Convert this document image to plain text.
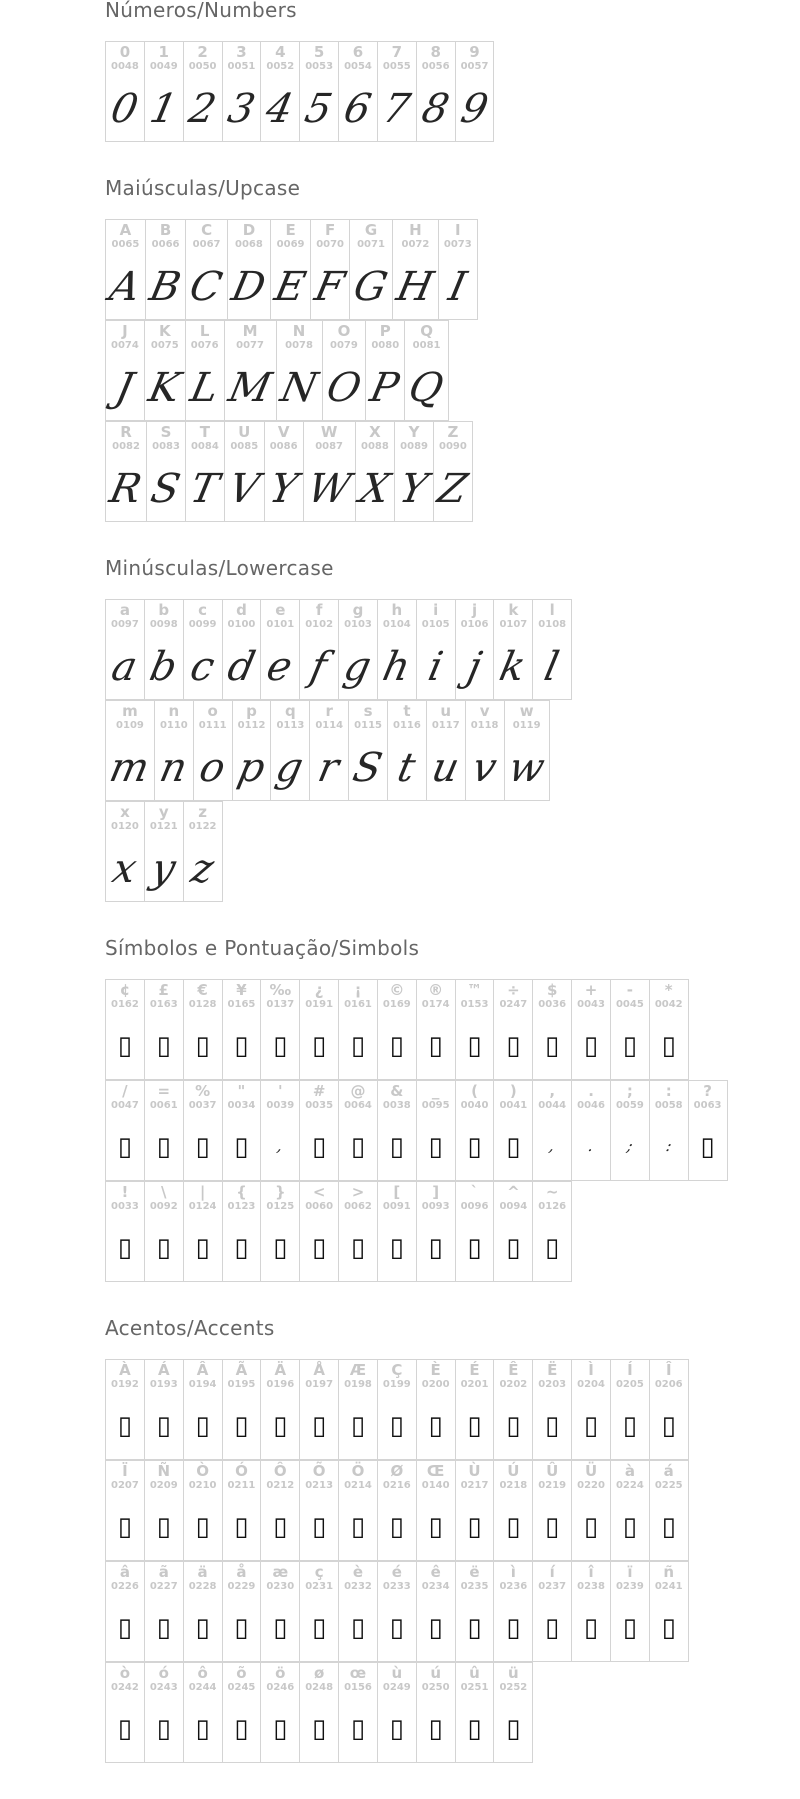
Números/Numbers
0
0048
0

1
0049
1

2
0050
2

3
0051
3

4
0052
4

5
0053
5

6
0054
6

7
0055
7

8
0056
8

9
0057
9
Maiúsculas/Upcase
A
0065
A

B
0066
B

C
0067
C

D
0068
D

E
0069
E

F
0070
F

G
0071
G

H
0072
H

I
0073
I
J
0074
J

K
0075
K

L
0076
L

M
0077
M

N
0078
N

O
0079
O

P
0080
P

Q
0081
Q
R
0082
R

S
0083
S

T
0084
T

U
0085
V

V
0086
Y

W
0087
W

X
0088
X

Y
0089
Y

Z
0090
Z
Minúsculas/Lowercase
a
0097
a

b
0098
b

c
0099
c

d
0100
d

e
0101
e

f
0102
f

g
0103
g

h
0104
h

i
0105
i

j
0106
j

k
0107
k

l
0108
l
m
0109
m

n
0110
n

o
0111
o

p
0112
p

q
0113
g

r
0114
r

s
0115
S

t
0116
t

u
0117
u

v
0118
v

w
0119
w
x
0120
x

y
0121
y

z
0122
z
Símbolos e Pontuação/Simbols
¢
0162
▯

£
0163
▯

€
0128
▯

¥
0165
▯

‰
0137
▯

¿
0191
▯

¡
0161
▯

©
0169
▯

®
0174
▯

™
0153
▯

÷
0247
▯

$
0036
▯

+
0043
▯

-
0045
▯

*
0042
▯
/
0047
▯

=
0061
▯

%
0037
▯

"
0034
▯

'
0039
,

#
0035
▯

@
0064
▯

&
0038
▯

_
0095
▯

(
0040
▯

)
0041
▯

,
0044
,

.
0046
.

;
0059
;

:
0058
:

?
0063
▯
!
0033
▯

\
0092
▯

|
0124
▯

{
0123
▯

}
0125
▯

<
0060
▯

>
0062
▯

[
0091
▯

]
0093
▯

`
0096
▯

^
0094
▯

~
0126
▯
Acentos/Accents
À
0192
▯

Á
0193
▯

Â
0194
▯

Ã
0195
▯

Ä
0196
▯

Å
0197
▯

Æ
0198
▯

Ç
0199
▯

È
0200
▯

É
0201
▯

Ê
0202
▯

Ë
0203
▯

Ì
0204
▯

Í
0205
▯

Î
0206
▯
Ï
0207
▯

Ñ
0209
▯

Ò
0210
▯

Ó
0211
▯

Ô
0212
▯

Õ
0213
▯

Ö
0214
▯

Ø
0216
▯

Œ
0140
▯

Ù
0217
▯

Ú
0218
▯

Û
0219
▯

Ü
0220
▯

à
0224
▯

á
0225
▯
â
0226
▯

ã
0227
▯

ä
0228
▯

å
0229
▯

æ
0230
▯

ç
0231
▯

è
0232
▯

é
0233
▯

ê
0234
▯

ë
0235
▯

ì
0236
▯

í
0237
▯

î
0238
▯

ï
0239
▯

ñ
0241
▯
ò
0242
▯

ó
0243
▯

ô
0244
▯

õ
0245
▯

ö
0246
▯

ø
0248
▯

œ
0156
▯

ù
0249
▯

ú
0250
▯

û
0251
▯

ü
0252
▯
